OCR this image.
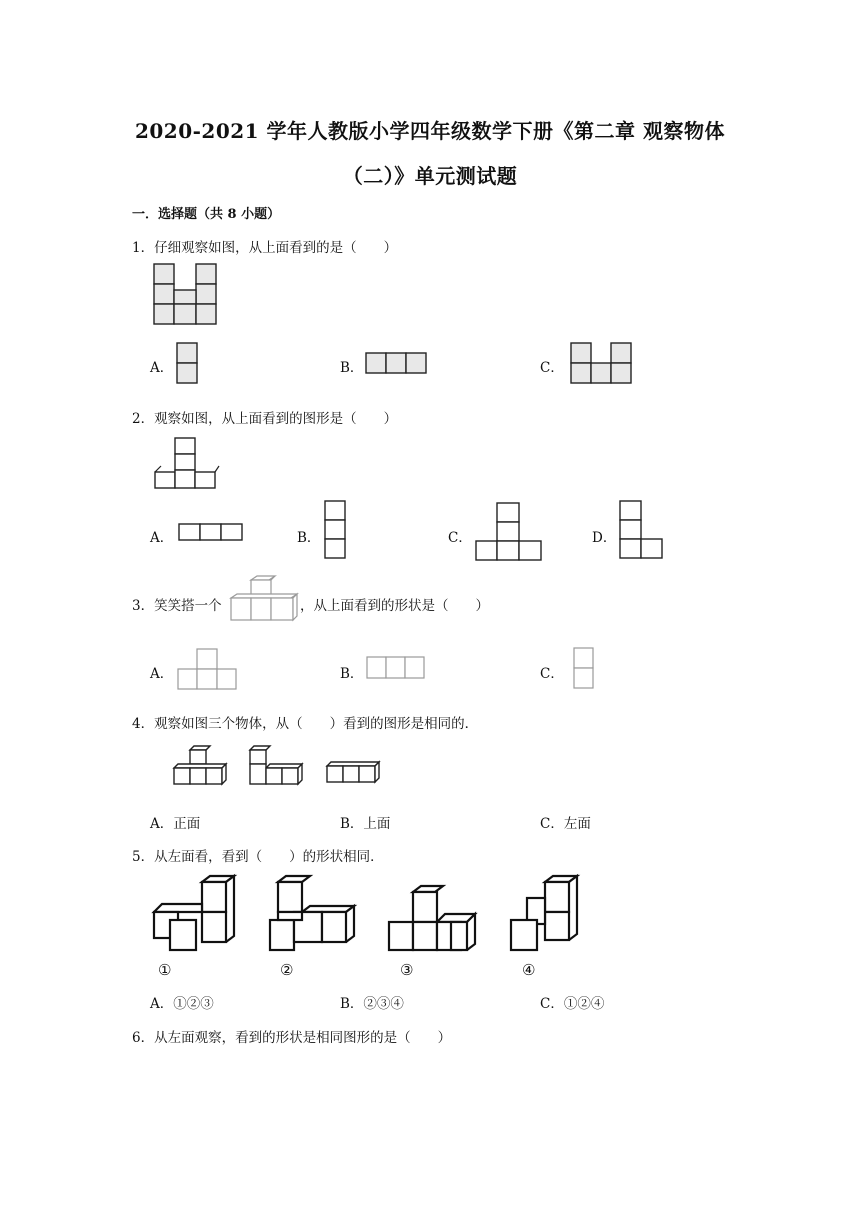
2020-2021 学年人教版小学四年级数学下册《第二章 观察物体
（二）》单元测试题
一．选择题（共 8 小题）
1．仔细观察如图，从上面看到的是（　　）
A．	B．	C．
2．观察如图，从上面看到的图形是（　　）
A．	B．	C．	D．
3．笑笑搭一个	，从上面看到的形状是（　　）
A．	B．	C．
4．观察如图三个物体，从（　　）看到的图形是相同的．
A．正面	B．上面	C．左面
5．从左面看，看到（　　）的形状相同．
①	②	③	④
A．①②③	B．②③④	C．①②④
6．从左面观察，看到的形状是相同图形的是（　　）
